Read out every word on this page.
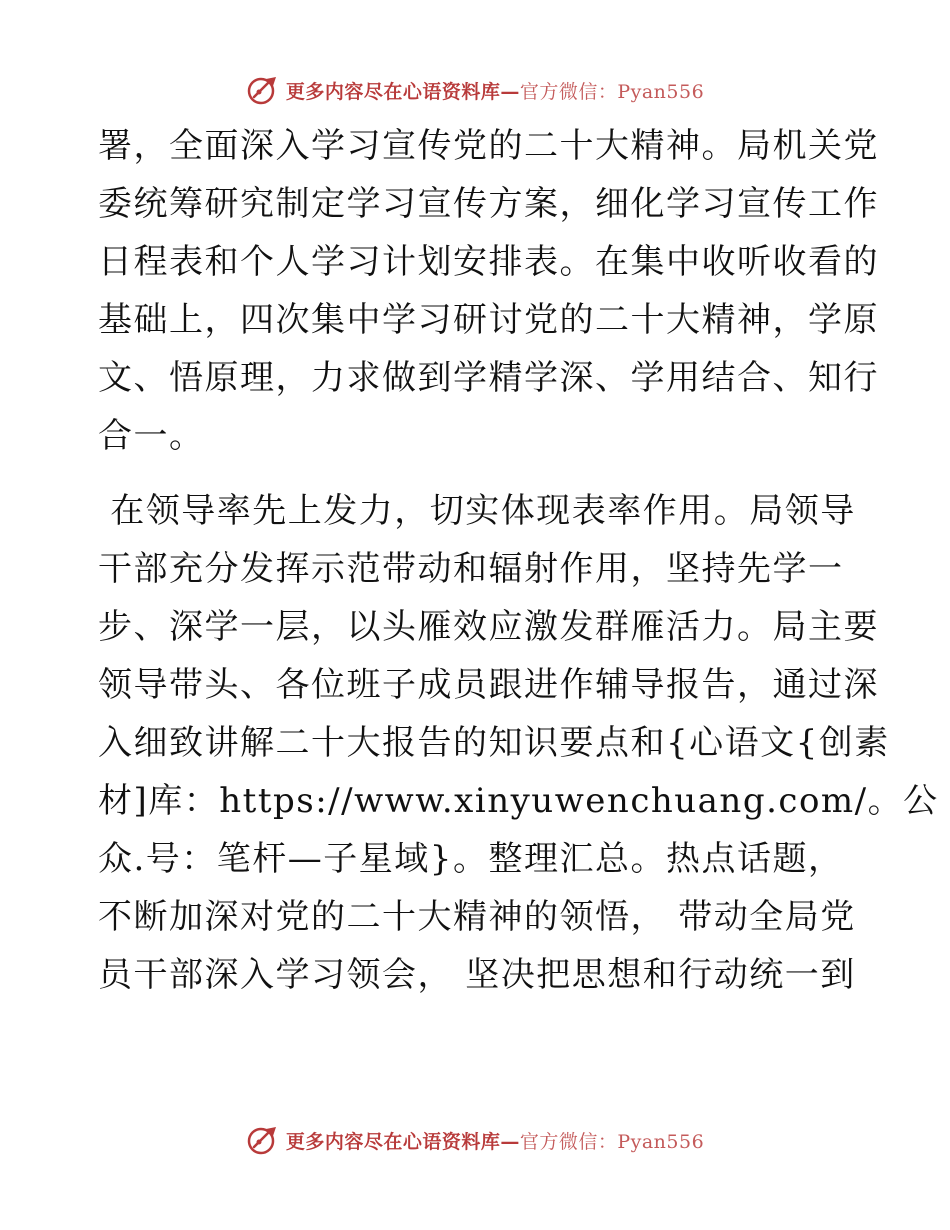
更多内容尽在心语资料库—官方微信：Pyan556
署，全面深入学习宣传党的二十大精神。局机关党
委统筹研究制定学习宣传方案，细化学习宣传工作
日程表和个人学习计划安排表。在集中收听收看的
基础上，四次集中学习研讨党的二十大精神，学原
文、悟原理，力求做到学精学深、学用结合、知行
合一。
在领导率先上发力，切实体现表率作用。局领导
干部充分发挥示范带动和辐射作用，坚持先学一
步、深学一层，以头雁效应激发群雁活力。局主要
领导带头、各位班子成员跟进作辅导报告，通过深
入细致讲解二十大报告的知识要点和{心语文{创素
材]库：https://www.xinyuwenchuang.com/。公
众.号：笔杆—子星域}。整理汇总。热点话题，
不断加深对党的二十大精神的领悟， 带动全局党
员干部深入学习领会， 坚决把思想和行动统一到
更多内容尽在心语资料库—官方微信：Pyan556
